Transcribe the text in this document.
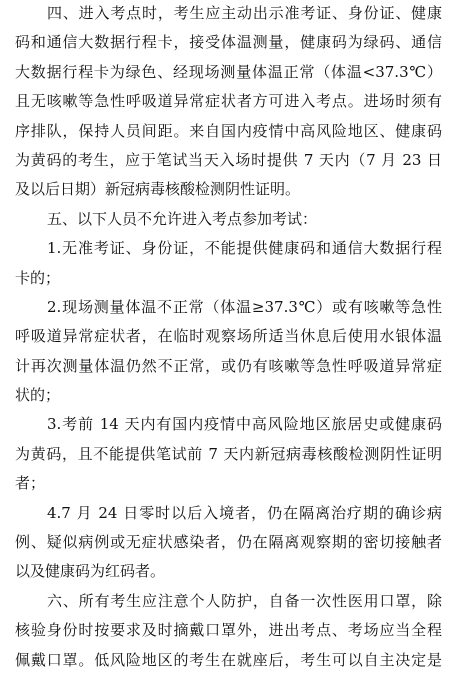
四、进入考点时，考生应主动出示准考证、身份证、健康
码和通信大数据行程卡，接受体温测量，健康码为绿码、通信
大数据行程卡为绿色、经现场测量体温正常（体温<37.3℃）
且无咳嗽等急性呼吸道异常症状者方可进入考点。进场时须有
序排队，保持人员间距。来自国内疫情中高风险地区、健康码
为黄码的考生，应于笔试当天入场时提供 7 天内（7 月 23 日
及以后日期）新冠病毒核酸检测阴性证明。
五、以下人员不允许进入考点参加考试：
1.无准考证、身份证，不能提供健康码和通信大数据行程
卡的；
2.现场测量体温不正常（体温≥37.3℃）或有咳嗽等急性
呼吸道异常症状者，在临时观察场所适当休息后使用水银体温
计再次测量体温仍然不正常，或仍有咳嗽等急性呼吸道异常症
状的；
3.考前 14 天内有国内疫情中高风险地区旅居史或健康码
为黄码，且不能提供笔试前 7 天内新冠病毒核酸检测阴性证明
者；
4.7 月 24 日零时以后入境者，仍在隔离治疗期的确诊病
例、疑似病例或无症状感染者，仍在隔离观察期的密切接触者
以及健康码为红码者。
六、所有考生应注意个人防护，自备一次性医用口罩，除
核验身份时按要求及时摘戴口罩外，进出考点、考场应当全程
佩戴口罩。低风险地区的考生在就座后，考生可以自主决定是
